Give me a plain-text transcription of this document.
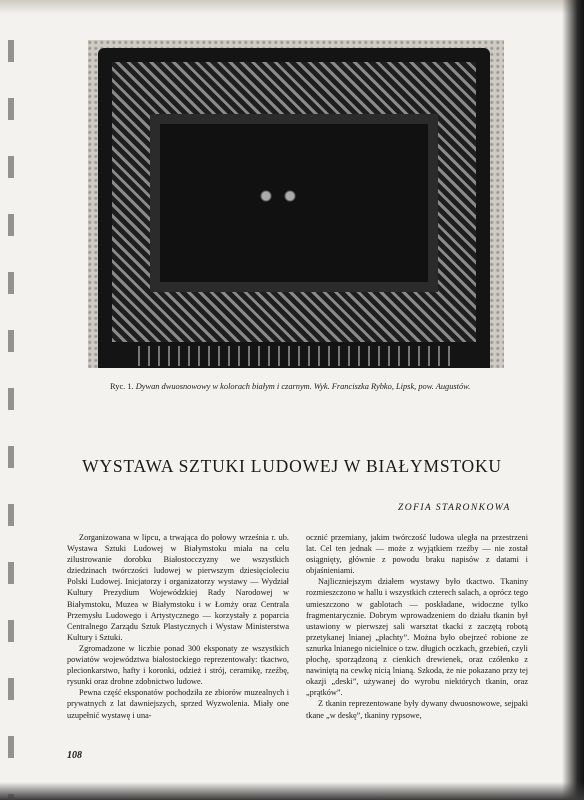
Ryc. 1. Dywan dwuosnowowy w kolorach białym i czarnym. Wyk. Franciszka Rybko, Lipsk, pow. Augustów.
WYSTAWA SZTUKI LUDOWEJ W BIAŁYMSTOKU
ZOFIA STARONKOWA

Zorganizowana w lipcu, a trwająca do połowy września r. ub. Wystawa Sztuki Ludowej w Białymstoku miała na celu zilustrowanie dorobku Białostocczyzny we wszystkich dziedzinach twórczości ludowej w pierwszym dziesięcioleciu Polski Ludowej. Inicjatorzy i organizatorzy wystawy — Wydział Kultury Prezydium Wojewódzkiej Rady Narodowej w Białymstoku, Muzea w Białymstoku i w Łomży oraz Centrala Przemysłu Ludowego i Artystycznego — korzystały z poparcia Centralnego Zarządu Sztuk Plastycznych i Wystaw Ministerstwa Kultury i Sztuki.

Zgromadzone w liczbie ponad 300 eksponaty ze wszystkich powiatów województwa białostockiego reprezentowały: tkactwo, plecionkarstwo, hafty i koronki, odzież i strój, ceramikę, rzeźbę, rysunki oraz drobne zdobnictwo ludowe.

Pewna część eksponatów pochodziła ze zbiorów muzealnych i prywatnych z lat dawniejszych, sprzed Wyzwolenia. Miały one uzupełnić wystawę i una-

ocznić przemiany, jakim twórczość ludowa uległa na przestrzeni lat. Cel ten jednak — może z wyjątkiem rzeźby — nie został osiągnięty, głównie z powodu braku napisów z datami i objaśnieniami.

Najliczniejszym działem wystawy było tkactwo. Tkaniny rozmieszczono w hallu i wszystkich czterech salach, a oprócz tego umieszczono w gablotach — poskładane, widoczne tylko fragmentarycznie. Dobrym wprowadzeniem do działu tkanin był ustawiony w pierwszej sali warsztat tkacki z zaczętą robotą przetykanej lnianej „płachty”. Można było obejrzeć robione ze sznurka lnianego nicielnice o tzw. długich oczkach, grzebień, czyli płochę, sporządzoną z cienkich drewienek, oraz czółenko z nawiniętą na cewkę nicią lnianą. Szkoda, że nie pokazano przy tej okazji „deski”, używanej do wyrobu niektórych tkanin, oraz „prątków”.

Z tkanin reprezentowane były dywany dwuosnowowe, sejpaki tkane „w deskę”, tkaniny rypsowe,

108
